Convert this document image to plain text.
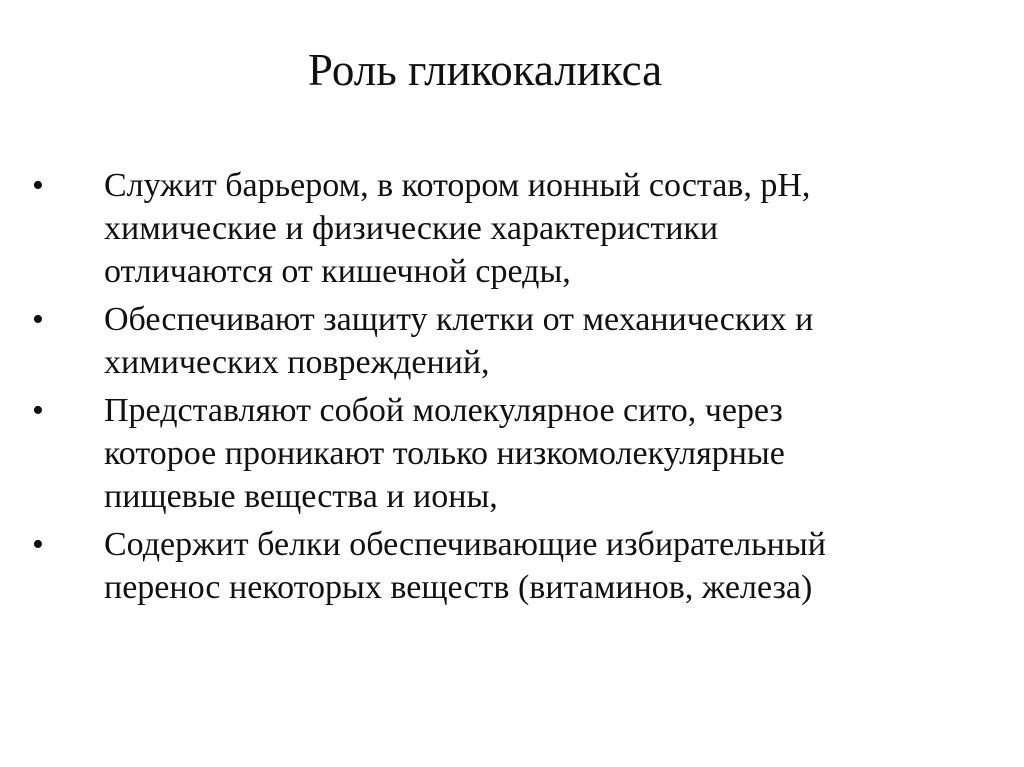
Роль гликокаликса
•	Служит барьером, в котором ионный состав, рН,
химические и физические характеристики
отличаются от кишечной среды,
•	Обеспечивают защиту клетки от механических и
химических повреждений,
•	Представляют собой молекулярное сито, через
которое проникают только низкомолекулярные
пищевые вещества и ионы,
•	Содержит белки обеспечивающие избирательный
перенос некоторых веществ (витаминов, железа)
